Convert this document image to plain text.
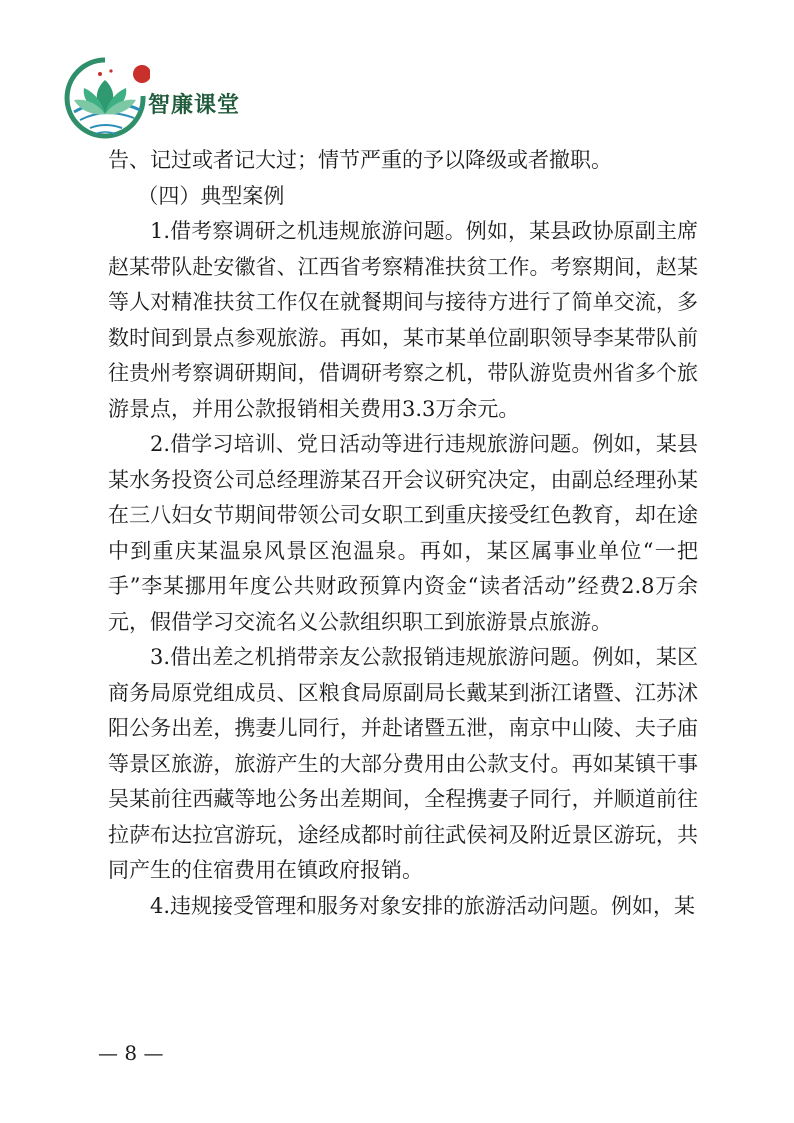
智廉课堂

告、记过或者记大过；情节严重的予以降级或者撤职。

（四）典型案例

1.借考察调研之机违规旅游问题。例如，某县政协原副主席赵某带队赴安徽省、江西省考察精准扶贫工作。考察期间，赵某等人对精准扶贫工作仅在就餐期间与接待方进行了简单交流，多数时间到景点参观旅游。再如，某市某单位副职领导李某带队前往贵州考察调研期间，借调研考察之机，带队游览贵州省多个旅游景点，并用公款报销相关费用3.3万余元。

2.借学习培训、党日活动等进行违规旅游问题。例如，某县某水务投资公司总经理游某召开会议研究决定，由副总经理孙某在三八妇女节期间带领公司女职工到重庆接受红色教育，却在途中到重庆某温泉风景区泡温泉。再如，某区属事业单位“一把手”李某挪用年度公共财政预算内资金“读者活动”经费2.8万余元，假借学习交流名义公款组织职工到旅游景点旅游。

3.借出差之机捎带亲友公款报销违规旅游问题。例如，某区商务局原党组成员、区粮食局原副局长戴某到浙江诸暨、江苏沭阳公务出差，携妻儿同行，并赴诸暨五泄，南京中山陵、夫子庙等景区旅游，旅游产生的大部分费用由公款支付。再如某镇干事吴某前往西藏等地公务出差期间，全程携妻子同行，并顺道前往拉萨布达拉宫游玩，途经成都时前往武侯祠及附近景区游玩，共同产生的住宿费用在镇政府报销。

4.违规接受管理和服务对象安排的旅游活动问题。例如，某

— 8 —
